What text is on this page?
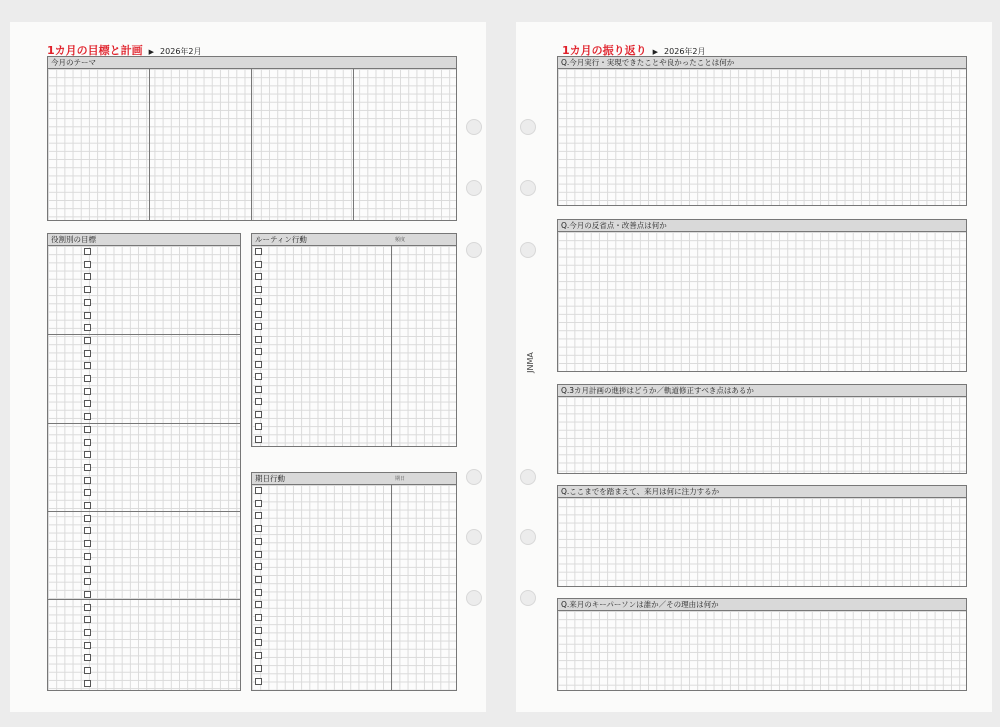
1カ月の目標と計画 ▶ 2026年2月
今月のテーマ
役割別の目標	ルーティン行動	頻度
期日行動	期日
1カ月の振り返り ▶ 2026年2月
JNMA
Q.今月実行・実現できたことや良かったことは何か
Q.今月の反省点・改善点は何か
Q.3カ月計画の進捗はどうか／軌道修正すべき点はあるか
Q.ここまでを踏まえて、来月は何に注力するか
Q.来月のキーパーソンは誰か／その理由は何か
